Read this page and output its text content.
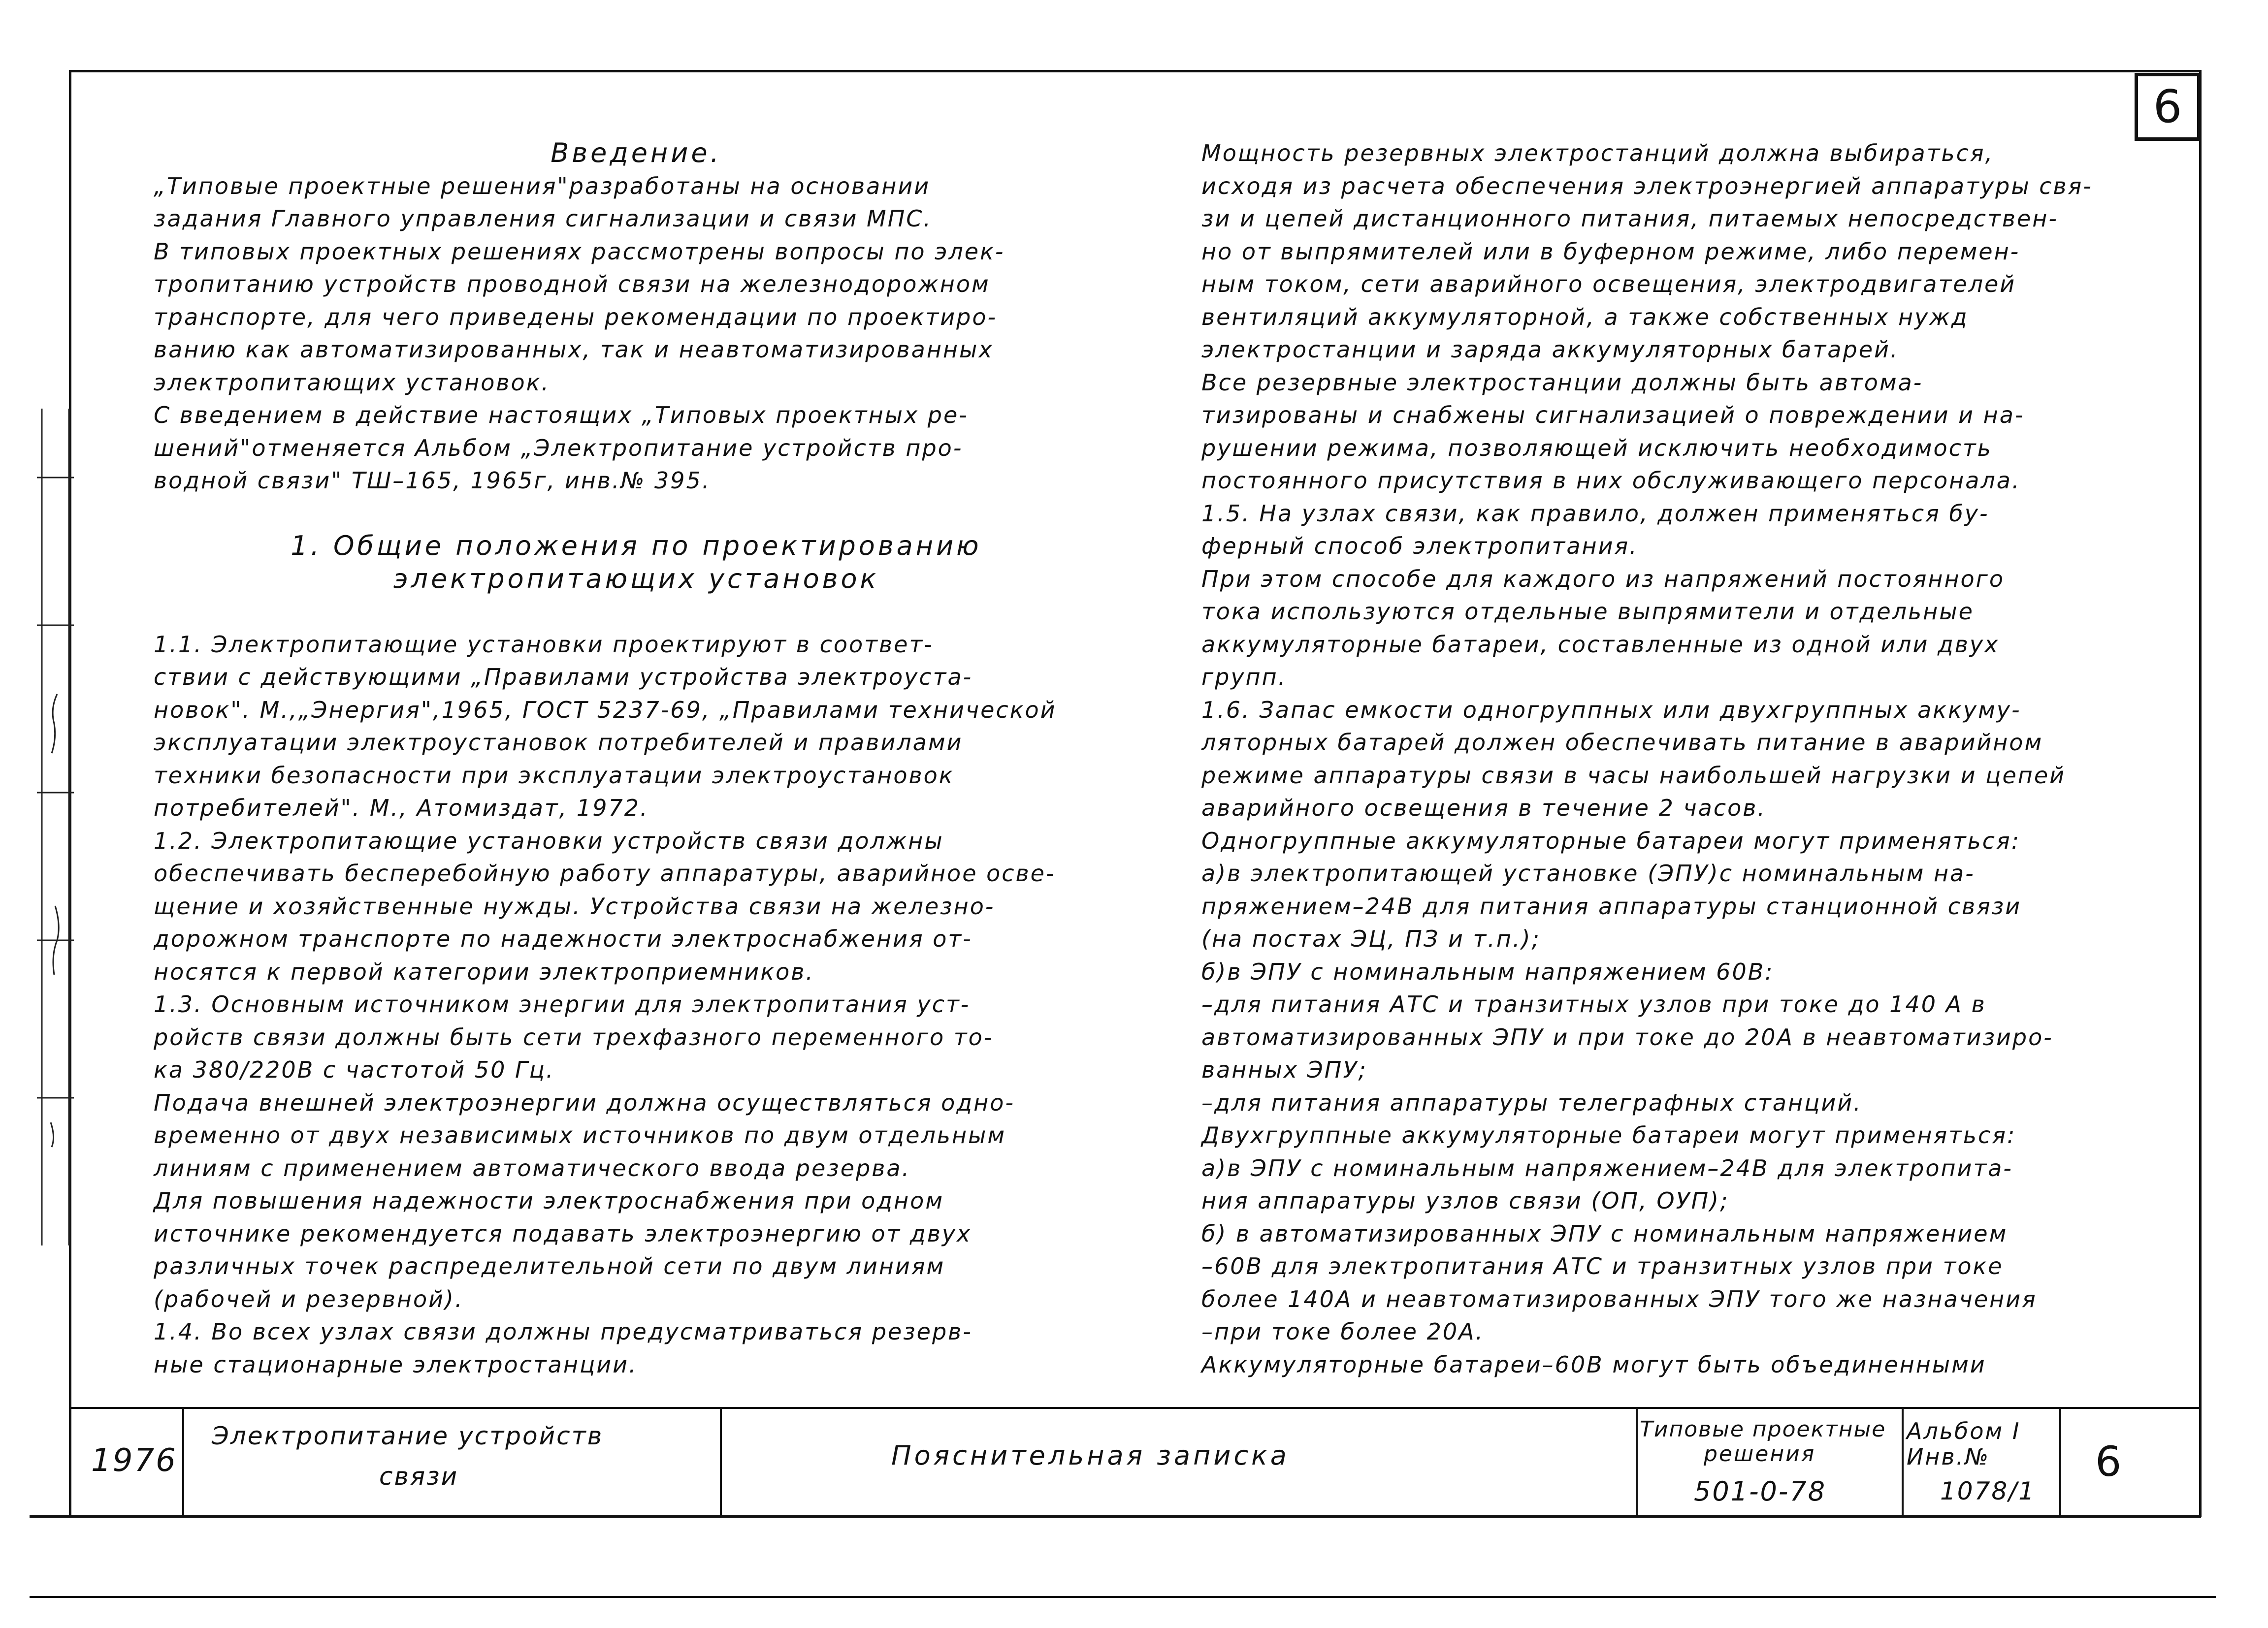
6

Введение.

„Типовые проектные решения"разработаны на основании

задания Главного управления сигнализации и связи МПС.

В типовых проектных решениях рассмотрены вопросы по элек-

тропитанию устройств проводной связи на железнодорожном

транспорте, для чего приведены рекомендации по проектиро-

ванию как автоматизированных, так и неавтоматизированных

электропитающих установок.

С введением в действие настоящих „Типовых проектных ре-

шений"отменяется Альбом „Электропитание устройств про-

водной связи" ТШ–165, 1965г, инв.№ 395.

1. Общие положения по проектированию

электропитающих установок

1.1. Электропитающие установки проектируют в соответ-

ствии с действующими „Правилами устройства электроуста-

новок". М.,„Энергия",1965, ГОСТ 5237-69, „Правилами технической

эксплуатации электроустановок потребителей и правилами

техники безопасности при эксплуатации электроустановок

потребителей". М., Атомиздат, 1972.

1.2. Электропитающие установки устройств связи должны

обеспечивать бесперебойную работу аппаратуры, аварийное осве-

щение и хозяйственные нужды. Устройства связи на железно-

дорожном транспорте по надежности электроснабжения от-

носятся к первой категории электроприемников.

1.3. Основным источником энергии для электропитания уст-

ройств связи должны быть сети трехфазного переменного то-

ка 380/220В с частотой 50 Гц.

Подача внешней электроэнергии должна осуществляться одно-

временно от двух независимых источников по двум отдельным

линиям с применением автоматического ввода резерва.

Для повышения надежности электроснабжения при одном

источнике рекомендуется подавать электроэнергию от двух

различных точек распределительной сети по двум линиям

(рабочей и резервной).

1.4. Во всех узлах связи должны предусматриваться резерв-

ные стационарные электростанции.

Мощность резервных электростанций должна выбираться,

исходя из расчета обеспечения электроэнергией аппаратуры свя-

зи и цепей дистанционного питания, питаемых непосредствен-

но от выпрямителей или в буферном режиме, либо перемен-

ным током, сети аварийного освещения, электродвигателей

вентиляций аккумуляторной, а также собственных нужд

электростанции и заряда аккумуляторных батарей.

Все резервные электростанции должны быть автома-

тизированы и снабжены сигнализацией о повреждении и на-

рушении режима, позволяющей исключить необходимость

постоянного присутствия в них обслуживающего персонала.

1.5. На узлах связи, как правило, должен применяться бу-

ферный способ электропитания.

При этом способе для каждого из напряжений постоянного

тока используются отдельные выпрямители и отдельные

аккумуляторные батареи, составленные из одной или двух

групп.

1.6. Запас емкости одногруппных или двухгруппных аккуму-

ляторных батарей должен обеспечивать питание в аварийном

режиме аппаратуры связи в часы наибольшей нагрузки и цепей

аварийного освещения в течение 2 часов.

Одногруппные аккумуляторные батареи могут применяться:

а)в электропитающей установке (ЭПУ)с номинальным на-

пряжением–24В для питания аппаратуры станционной связи

(на постах ЭЦ, ПЗ и т.п.);

б)в ЭПУ с номинальным напряжением 60В:

–для питания АТС и транзитных узлов при токе до 140 А в

автоматизированных ЭПУ и при токе до 20А в неавтоматизиро-

ванных ЭПУ;

–для питания аппаратуры телеграфных станций.

Двухгруппные аккумуляторные батареи могут применяться:

а)в ЭПУ с номинальным напряжением–24В для электропита-

ния аппаратуры узлов связи (ОП, ОУП);

б) в автоматизированных ЭПУ с номинальным напряжением

–60В для электропитания АТС и транзитных узлов при токе

более 140А и неавтоматизированных ЭПУ того же назначения

–при токе более 20А.

Аккумуляторные батареи–60В могут быть объединенными

1976
Электропитание устройств
связи
Пояснительная записка
Типовые проектные
решения
501-0-78
Альбом I
Инв.№
1078/1
6
